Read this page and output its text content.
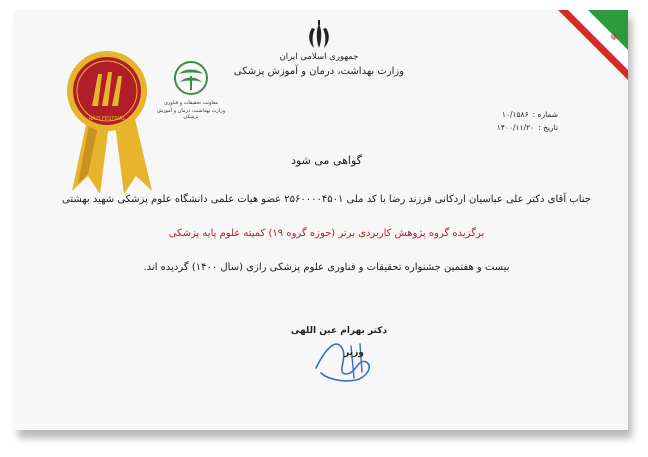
☫
جمهوری اسلامی ایران
وزارت بهداشت، درمان و آموزش پزشکی
RAZI FESTIVAL
معاونت تحقیقات و فناوری
وزارت بهداشت، درمان و آموزش پزشکی	شماره :
۱۰/۱۵۸۶
تاریخ :
۱۴۰۰/۱۱/۲۰
گواهی می شود
جناب آقای دکتر علی عباسیان اردکانی فرزند رضا با کد ملی ۲۵۶۰۰۰۰۴۵۰۱ عضو هیات علمی دانشگاه علوم پزشکی شهید بهشتی
برگزیده گروه پژوهش کاربردی برتر (حوزه گروه ۱۹) کمیته علوم پایه پزشکی
بیست و هفتمین جشنواره تحقیقات و فناوری علوم پزشکی رازی (سال ۱۴۰۰) گردیده اند.
دکتر بهرام عین اللهی
وزیر
